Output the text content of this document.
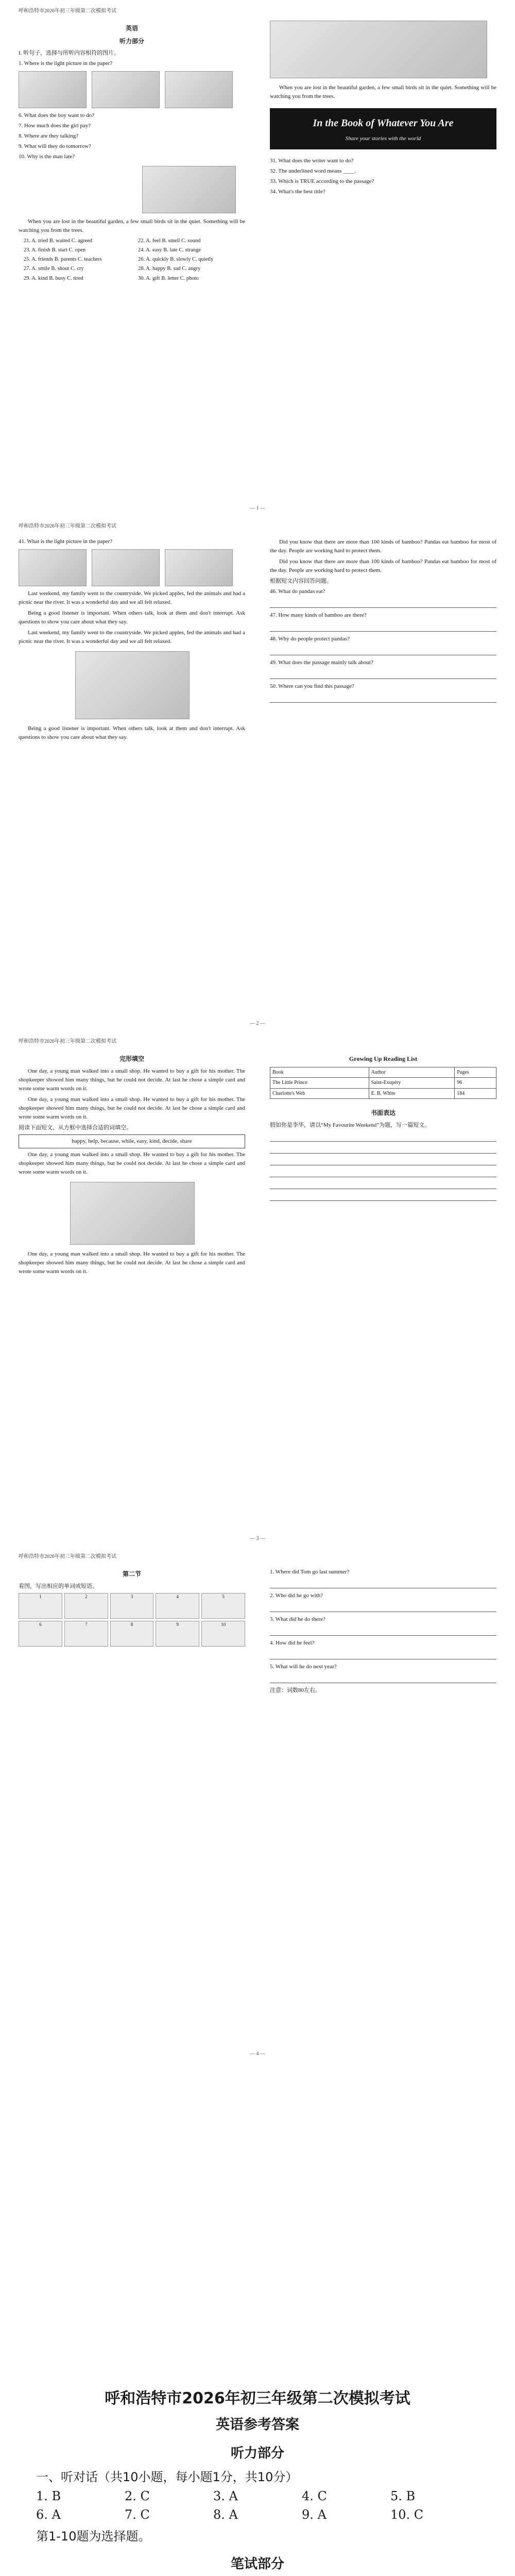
呼和浩特市2026年初三年级第二次模拟考试
英语
听力部分
I. 听句子，选择与所听内容相符的图片。
1. Where is the light picture in the paper?
6. What does the boy want to do?
7. How much does the girl pay?
8. Where are they talking?
9. What will they do tomorrow?
10. Why is the man late?

When you are lost in the beautiful garden, a few small birds sit in the quiet. Something will be watching you from the trees.

21. A. tried B. waited C. agreed	22. A. feel B. smell C. sound
23. A. finish B. start C. open	24. A. easy B. late C. strange
25. A. friends B. parents C. teachers	26. A. quickly B. slowly C. quietly
27. A. smile B. shout C. cry	28. A. happy B. sad C. angry
29. A. kind B. busy C. tired	30. A. gift B. letter C. photo

When you are lost in the beautiful garden, a few small birds sit in the quiet. Something will be watching you from the trees.

In the Book of Whatever You Are
Share your stories with the world
31. What does the writer want to do?
32. The underlined word means ____.
33. Which is TRUE according to the passage?
34. What's the best title?
— 1 —
呼和浩特市2026年初三年级第二次模拟考试
41. What is the light picture in the paper?

Last weekend, my family went to the countryside. We picked apples, fed the animals and had a picnic near the river. It was a wonderful day and we all felt relaxed.

Being a good listener is important. When others talk, look at them and don't interrupt. Ask questions to show you care about what they say.

Last weekend, my family went to the countryside. We picked apples, fed the animals and had a picnic near the river. It was a wonderful day and we all felt relaxed.

Being a good listener is important. When others talk, look at them and don't interrupt. Ask questions to show you care about what they say.

Did you know that there are more than 100 kinds of bamboo? Pandas eat bamboo for most of the day. People are working hard to protect them.

Did you know that there are more than 100 kinds of bamboo? Pandas eat bamboo for most of the day. People are working hard to protect them.

根据短文内容回答问题。
46. What do pandas eat?
47. How many kinds of bamboo are there?
48. Why do people protect pandas?
49. What does the passage mainly talk about?
50. Where can you find this passage?
— 2 —
呼和浩特市2026年初三年级第二次模拟考试
完形填空

One day, a young man walked into a small shop. He wanted to buy a gift for his mother. The shopkeeper showed him many things, but he could not decide. At last he chose a simple card and wrote some warm words on it.

One day, a young man walked into a small shop. He wanted to buy a gift for his mother. The shopkeeper showed him many things, but he could not decide. At last he chose a simple card and wrote some warm words on it.

阅读下面短文，从方框中选择合适的词填空。
happy, help, because, while, easy, kind, decide, share

One day, a young man walked into a small shop. He wanted to buy a gift for his mother. The shopkeeper showed him many things, but he could not decide. At last he chose a simple card and wrote some warm words on it.

One day, a young man walked into a small shop. He wanted to buy a gift for his mother. The shopkeeper showed him many things, but he could not decide. At last he chose a simple card and wrote some warm words on it.

Growing Up Reading List
Book	Author	Pages
The Little Prince	Saint-Exupéry	96
Charlotte's Web	E. B. White	184
书面表达
假如你是李华，请以“My Favourite Weekend”为题，写一篇短文。
— 3 —
呼和浩特市2026年初三年级第二次模拟考试
第二节
看图，写出相应的单词或短语。
1	2	3	4	5
6	7	8	9	10
1. Where did Tom go last summer?
2. Who did he go with?
3. What did he do there?
4. How did he feel?
5. What will he do next year?
注意：词数80左右。
— 4 —
呼和浩特市2026年初三年级第二次模拟考试
英语参考答案
听力部分
一、听对话（共10小题，每小题1分，共10分）
1. B	2. C	3. A	4. C	5. B
6. A	7. C	8. A	9. A	10. C
第1-10题为选择题。
笔试部分
